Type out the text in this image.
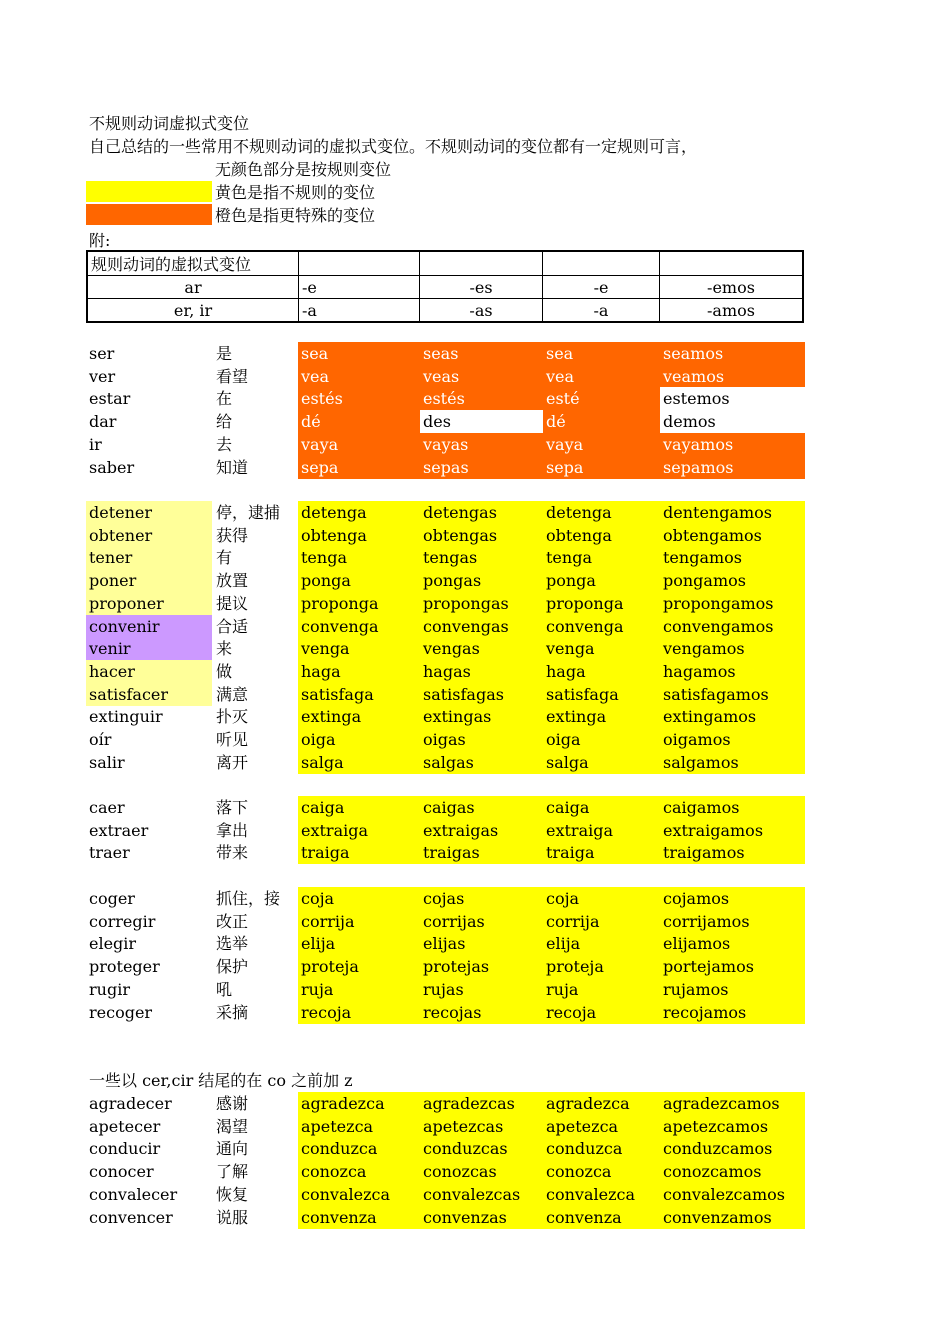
不规则动词虚拟式变位
自己总结的一些常用不规则动词的虚拟式变位。不规则动词的变位都有一定规则可言，
无颜色部分是按规则变位
黄色是指不规则的变位
橙色是指更特殊的变位
附:
规则动词的虚拟式变位				
ar	-e	-es	-e	-emos
er, ir	-a	-as	-a	-amos
ser	是	sea	seas	sea	seamos
ver	看望	vea	veas	vea	veamos
estar	在	estés	estés	esté	estemos
dar	给	dé	des	dé	demos
ir	去	vaya	vayas	vaya	vayamos
saber	知道	sepa	sepas	sepa	sepamos
detener	停，逮捕	detenga	detengas	detenga	dentengamos
obtener	获得	obtenga	obtengas	obtenga	obtengamos
tener	有	tenga	tengas	tenga	tengamos
poner	放置	ponga	pongas	ponga	pongamos
proponer	提议	proponga	propongas	proponga	propongamos
convenir	合适	convenga	convengas	convenga	convengamos
venir	来	venga	vengas	venga	vengamos
hacer	做	haga	hagas	haga	hagamos
satisfacer	满意	satisfaga	satisfagas	satisfaga	satisfagamos
extinguir	扑灭	extinga	extingas	extinga	extingamos
oír	听见	oiga	oigas	oiga	oigamos
salir	离开	salga	salgas	salga	salgamos
caer	落下	caiga	caigas	caiga	caigamos
extraer	拿出	extraiga	extraigas	extraiga	extraigamos
traer	带来	traiga	traigas	traiga	traigamos
coger	抓住，接	coja	cojas	coja	cojamos
corregir	改正	corrija	corrijas	corrija	corrijamos
elegir	选举	elija	elijas	elija	elijamos
proteger	保护	proteja	protejas	proteja	portejamos
rugir	吼	ruja	rujas	ruja	rujamos
recoger	采摘	recoja	recojas	recoja	recojamos
agradecer	感谢	agradezca	agradezcas	agradezca	agradezcamos
apetecer	渴望	apetezca	apetezcas	apetezca	apetezcamos
conducir	通向	conduzca	conduzcas	conduzca	conduzcamos
conocer	了解	conozca	conozcas	conozca	conozcamos
convalecer	恢复	convalezca	convalezcas	convalezca	convalezcamos
convencer	说服	convenza	convenzas	convenza	convenzamos
一些以 cer,cir 结尾的在 co 之前加 z
